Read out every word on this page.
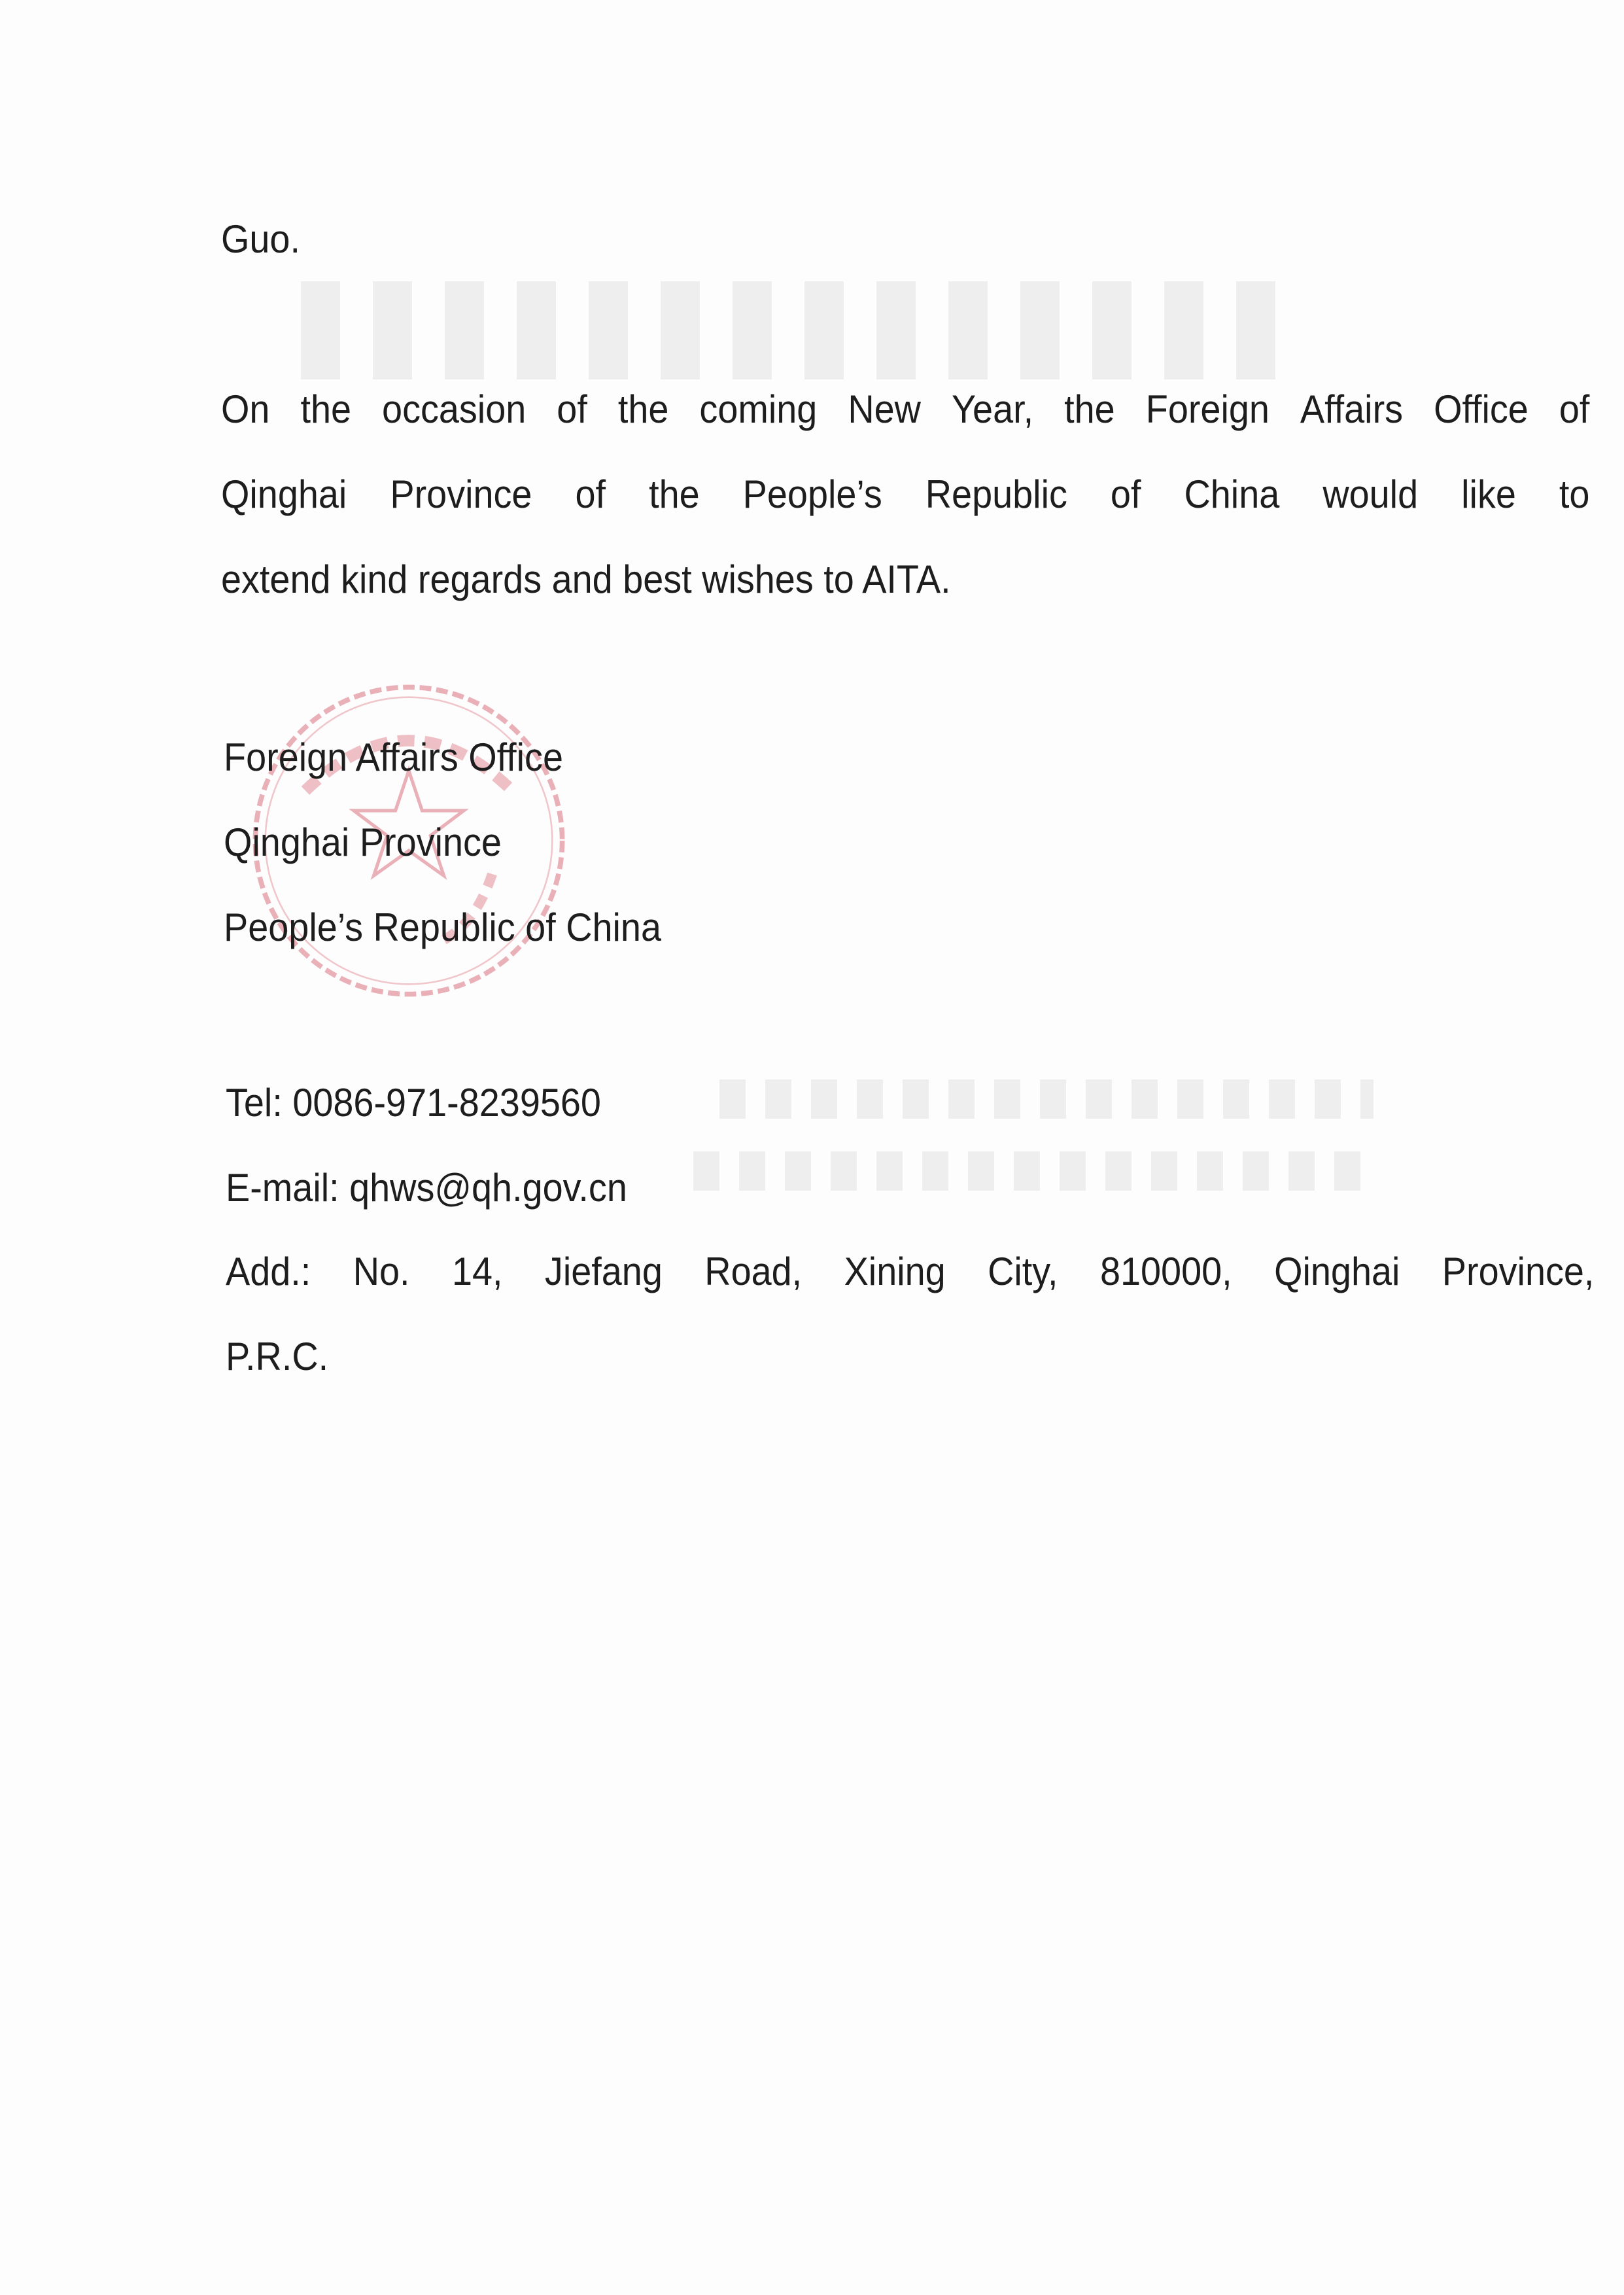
Guo.
On the occasion of the coming New Year, the Foreign Affairs Office of
Qinghai Province of the People’s Republic of China would like to
extend kind regards and best wishes to AITA.
Foreign Affairs Office
Qinghai Province
People’s Republic of China
Tel: 0086-971-8239560
E-mail: qhws@qh.gov.cn
Add.: No. 14, Jiefang Road, Xining City, 810000, Qinghai Province,
P.R.C.
